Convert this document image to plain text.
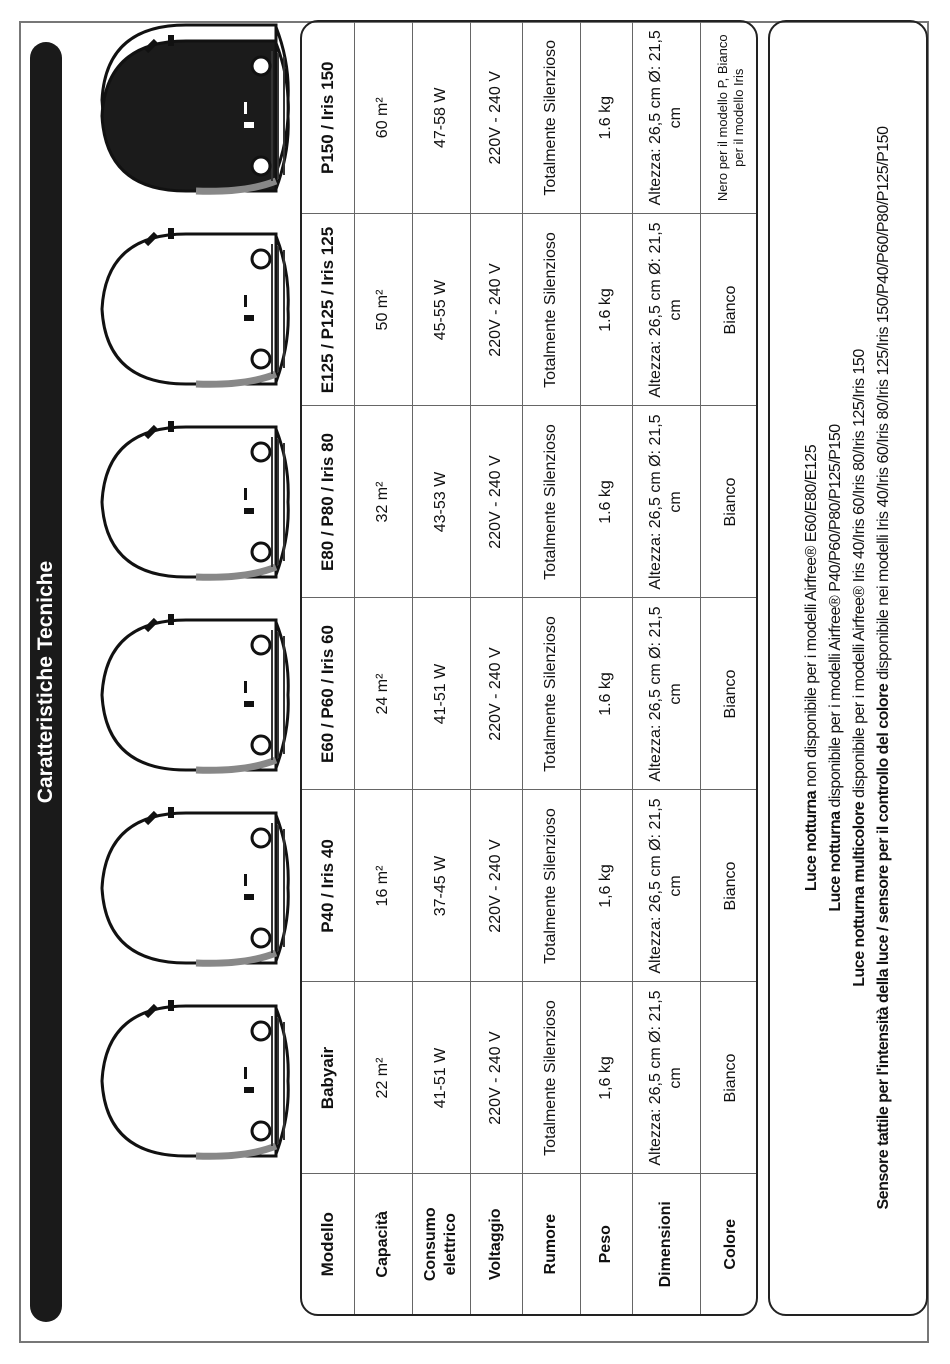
Caratteristiche Tecniche
Modello	Babyair	P40 / Iris 40	E60 / P60 / Iris 60	E80 / P80 / Iris 80	E125 / P125 / Iris 125	P150 / Iris 150
Capacità	22 m²	16 m²	24 m²	32 m²	50 m²	60 m²
Consumo elettrico	41-51 W	37-45 W	41-51 W	43-53 W	45-55 W	47-58 W
Voltaggio	220V - 240 V	220V - 240 V	220V - 240 V	220V - 240 V	220V - 240 V	220V - 240 V
Rumore	Totalmente Silenzioso	Totalmente Silenzioso	Totalmente Silenzioso	Totalmente Silenzioso	Totalmente Silenzioso	Totalmente Silenzioso
Peso	1,6 kg	1,6 kg	1.6 kg	1.6 kg	1.6 kg	1.6 kg
Dimensioni	Altezza: 26,5 cm Ø: 21,5 cm	Altezza: 26,5 cm Ø: 21,5 cm	Altezza: 26,5 cm Ø: 21,5 cm	Altezza: 26,5 cm Ø: 21,5 cm	Altezza: 26,5 cm Ø: 21,5 cm	Altezza: 26,5 cm Ø: 21,5 cm
Colore	Bianco	Bianco	Bianco	Bianco	Bianco	Nero per il modello P, Bianco per il modello Iris
Luce notturna non disponibile per i modelli Airfree® E60/E80/E125
Luce notturna disponibile per i modelli Airfree® P40/P60/P80/P125/P150
Luce notturna multicolore disponibile per i modelli Airfree® Iris 40/Iris 60/Iris 80/Iris 125/Iris 150
Sensore tattile per l'intensità della luce / sensore per il controllo del colore disponibile nei modelli Iris 40/Iris 60/Iris 80/Iris 125/Iris 150/P40/P60/P80/P125/P150
